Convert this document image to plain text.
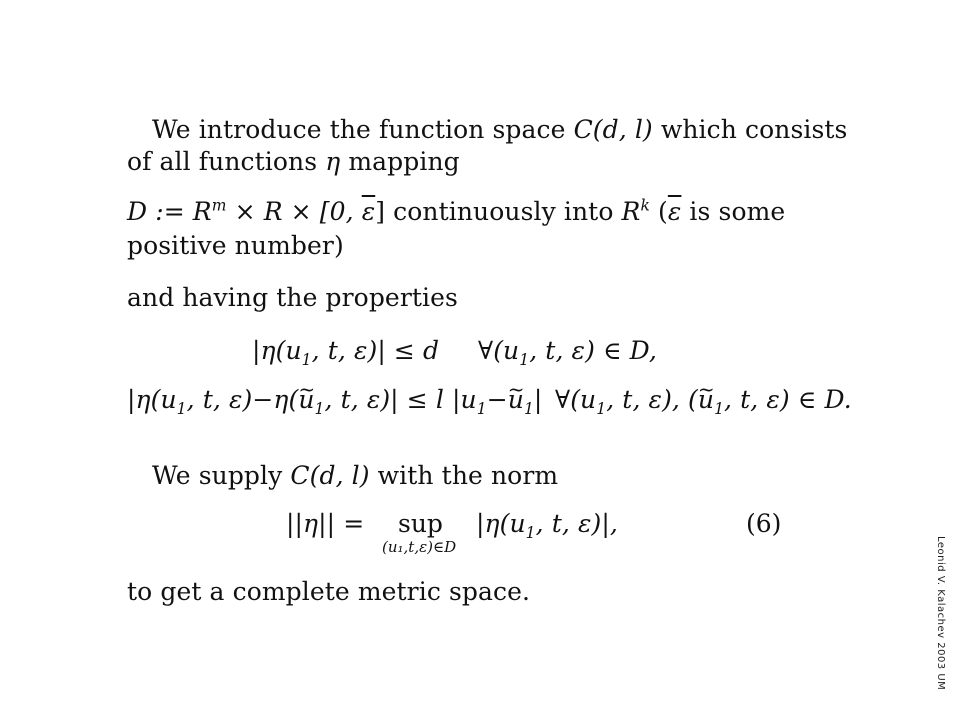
We introduce the function space C(d, l) which consists
of all functions η mapping
D := $R^m \times R \times [0$, $\overline{\varepsilon}$] continuously into $R^k$ ($\overline{\varepsilon}$ is some
positive number)
and having the properties
$|\eta(u_1$, t, ε)| ≤ d $\forall(u_1$, t, ε) ∈ D,
$|\eta(u_1$, t, ε)−η(~ $u_1$, t, ε)| ≤ l $|u_1-\sim$ $u_1|$ $\forall(u_1$, t, ε), (~ $u_1$, t, ε) ∈ D.
We supply C(d, l) with the norm
||η|| = sup
(u₁,t,ε)∈D
$|\eta(u_1$, t, ε)|,	(6)
to get a complete metric space.	Leonid V. Kalachev 2003 UM
